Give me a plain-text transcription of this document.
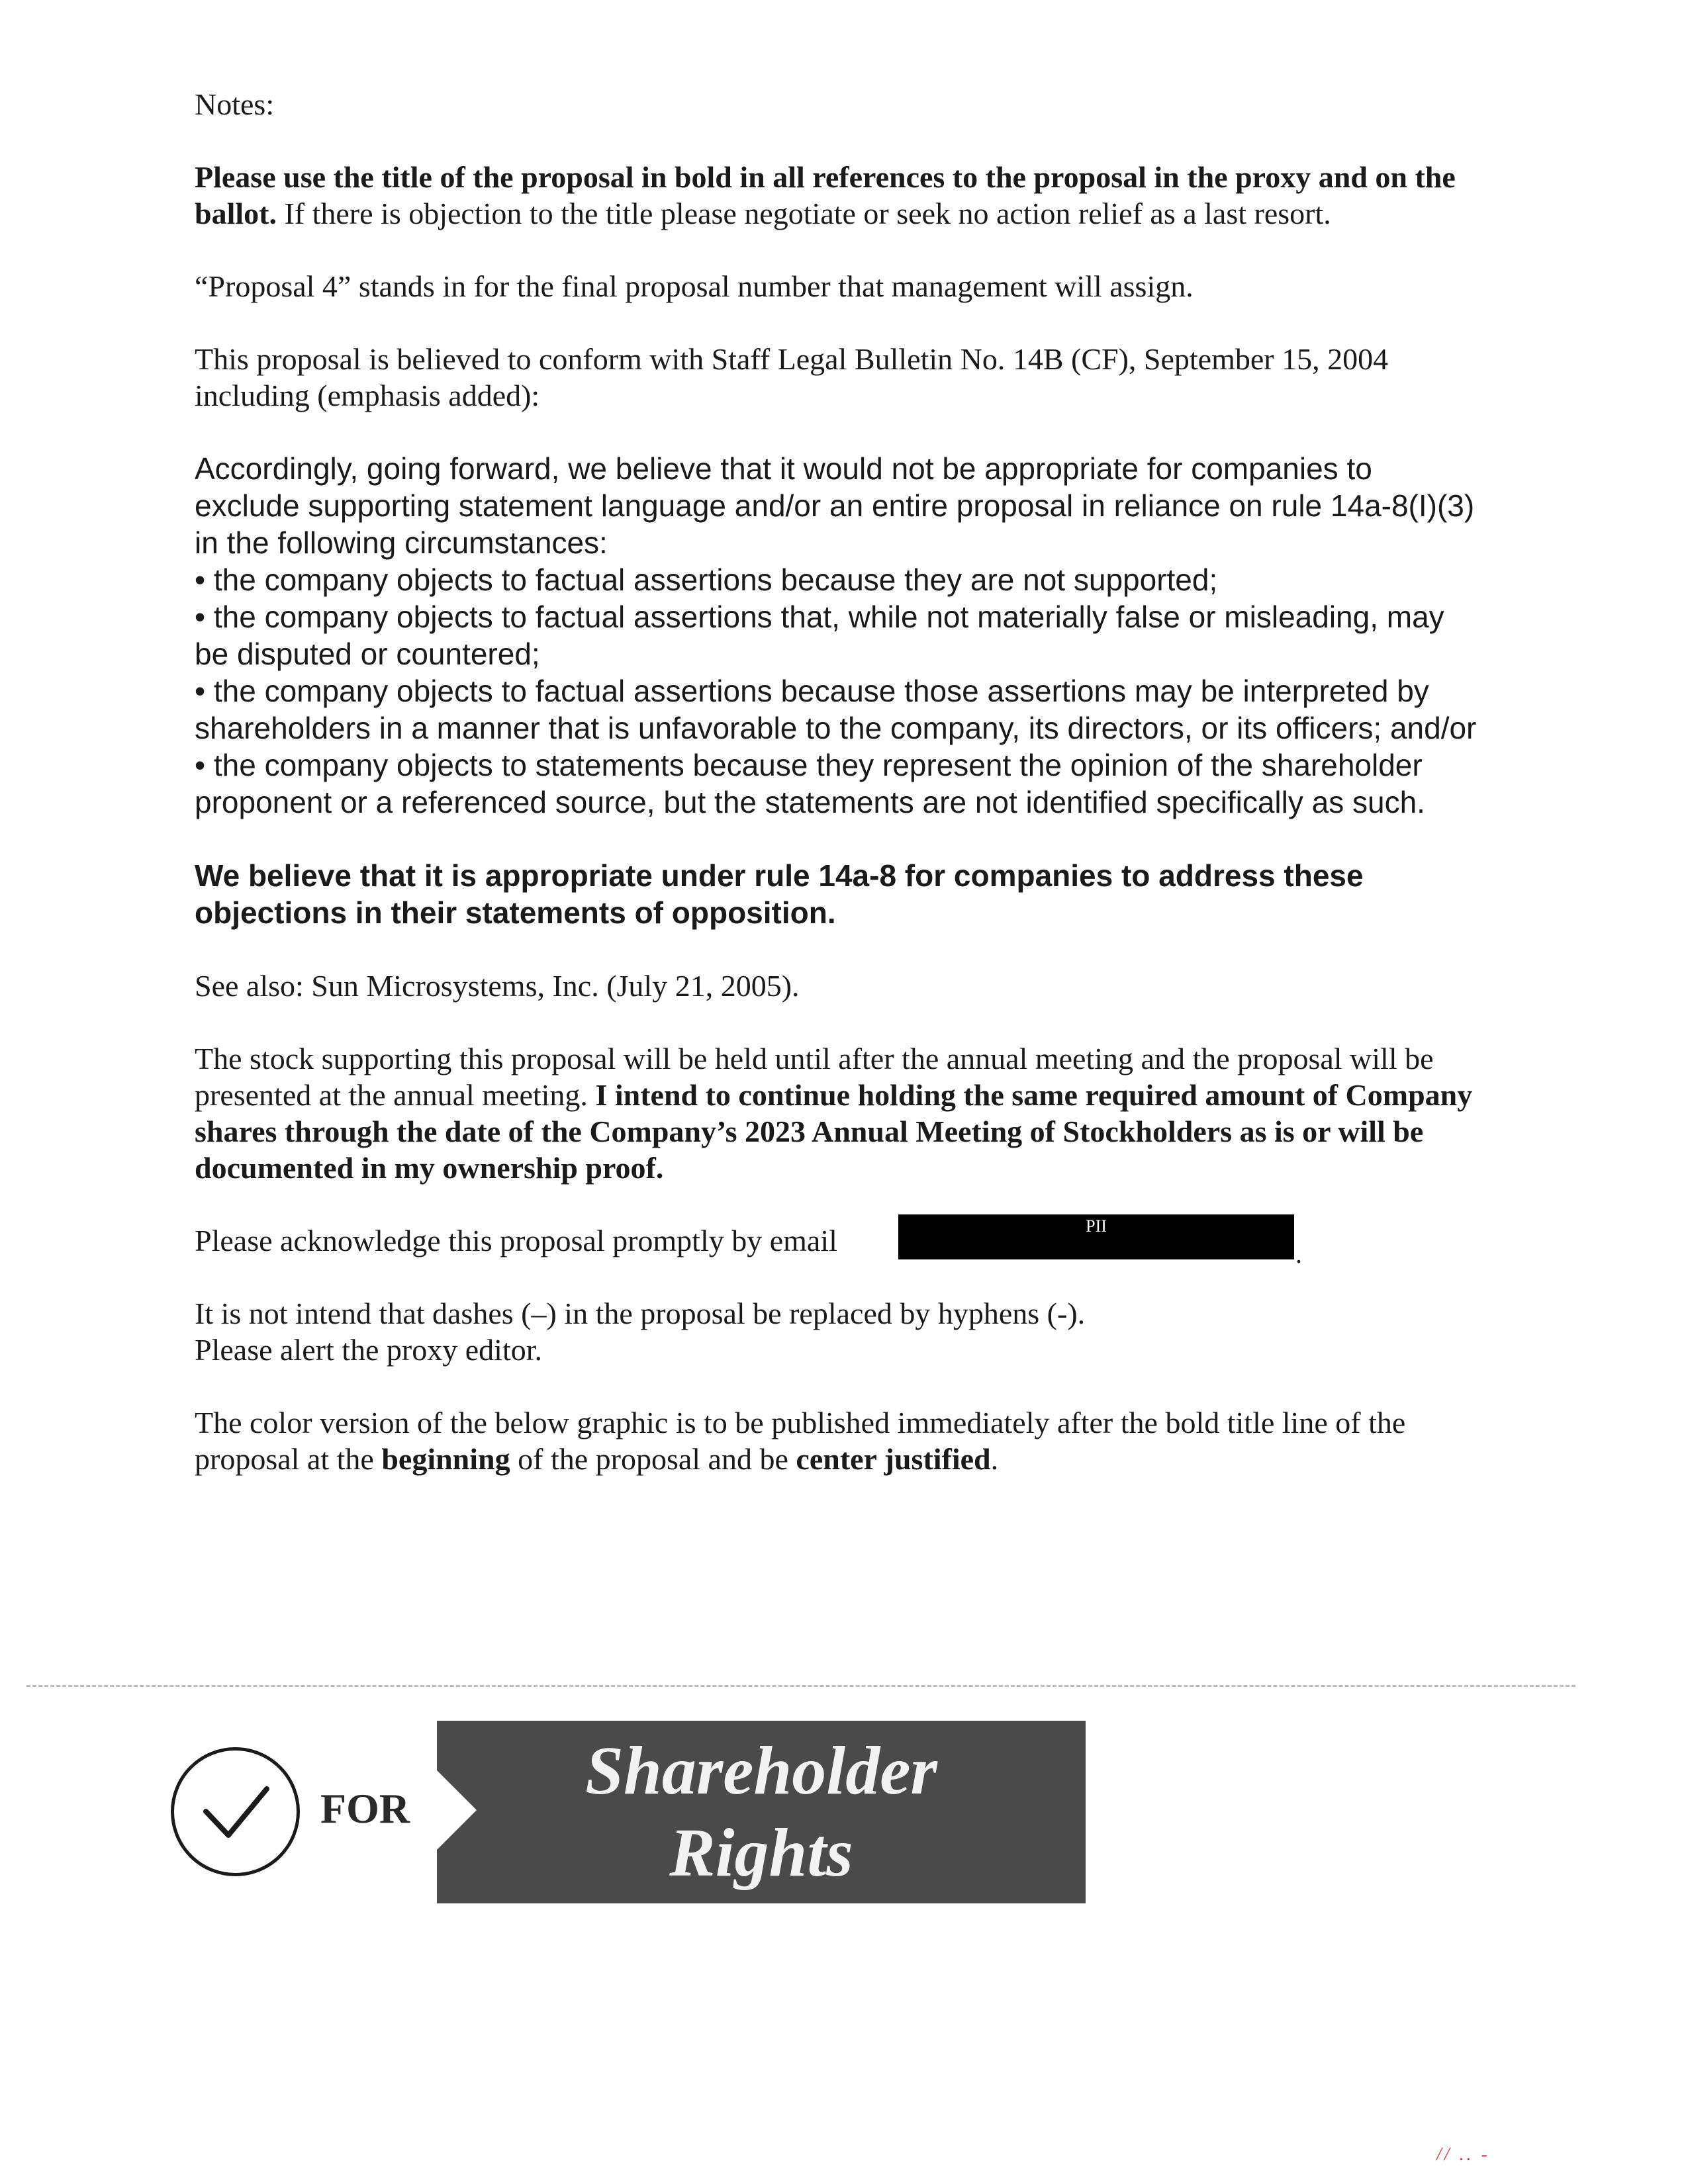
Notes:

Please use the title of the proposal in bold in all references to the proposal in the proxy and on the ballot. If there is objection to the title please negotiate or seek no action relief as a last resort.

“Proposal 4” stands in for the final proposal number that management will assign.

This proposal is believed to conform with Staff Legal Bulletin No. 14B (CF), September 15, 2004 including (emphasis added):

Accordingly, going forward, we believe that it would not be appropriate for companies to exclude supporting statement language and/or an entire proposal in reliance on rule 14a-8(I)(3) in the following circumstances:

• the company objects to factual assertions because they are not supported;
• the company objects to factual assertions that, while not materially false or misleading, may be disputed or countered;
• the company objects to factual assertions because those assertions may be interpreted by shareholders in a manner that is unfavorable to the company, its directors, or its officers; and/or
• the company objects to statements because they represent the opinion of the shareholder proponent or a referenced source, but the statements are not identified specifically as such.

We believe that it is appropriate under rule 14a-8 for companies to address these objections in their statements of opposition.

See also: Sun Microsystems, Inc. (July 21, 2005).

The stock supporting this proposal will be held until after the annual meeting and the proposal will be presented at the annual meeting. I intend to continue holding the same required amount of Company shares through the date of the Company’s 2023 Annual Meeting of Stockholders as is or will be documented in my ownership proof.

Please acknowledge this proposal promptly by email	PII
.

It is not intend that dashes (–) in the proposal be replaced by hyphens (-).
Please alert the proxy editor.

The color version of the below graphic is to be published immediately after the bold title line of the proposal at the beginning of the proposal and be center justified.

FOR	Shareholder
Rights
// .. -
